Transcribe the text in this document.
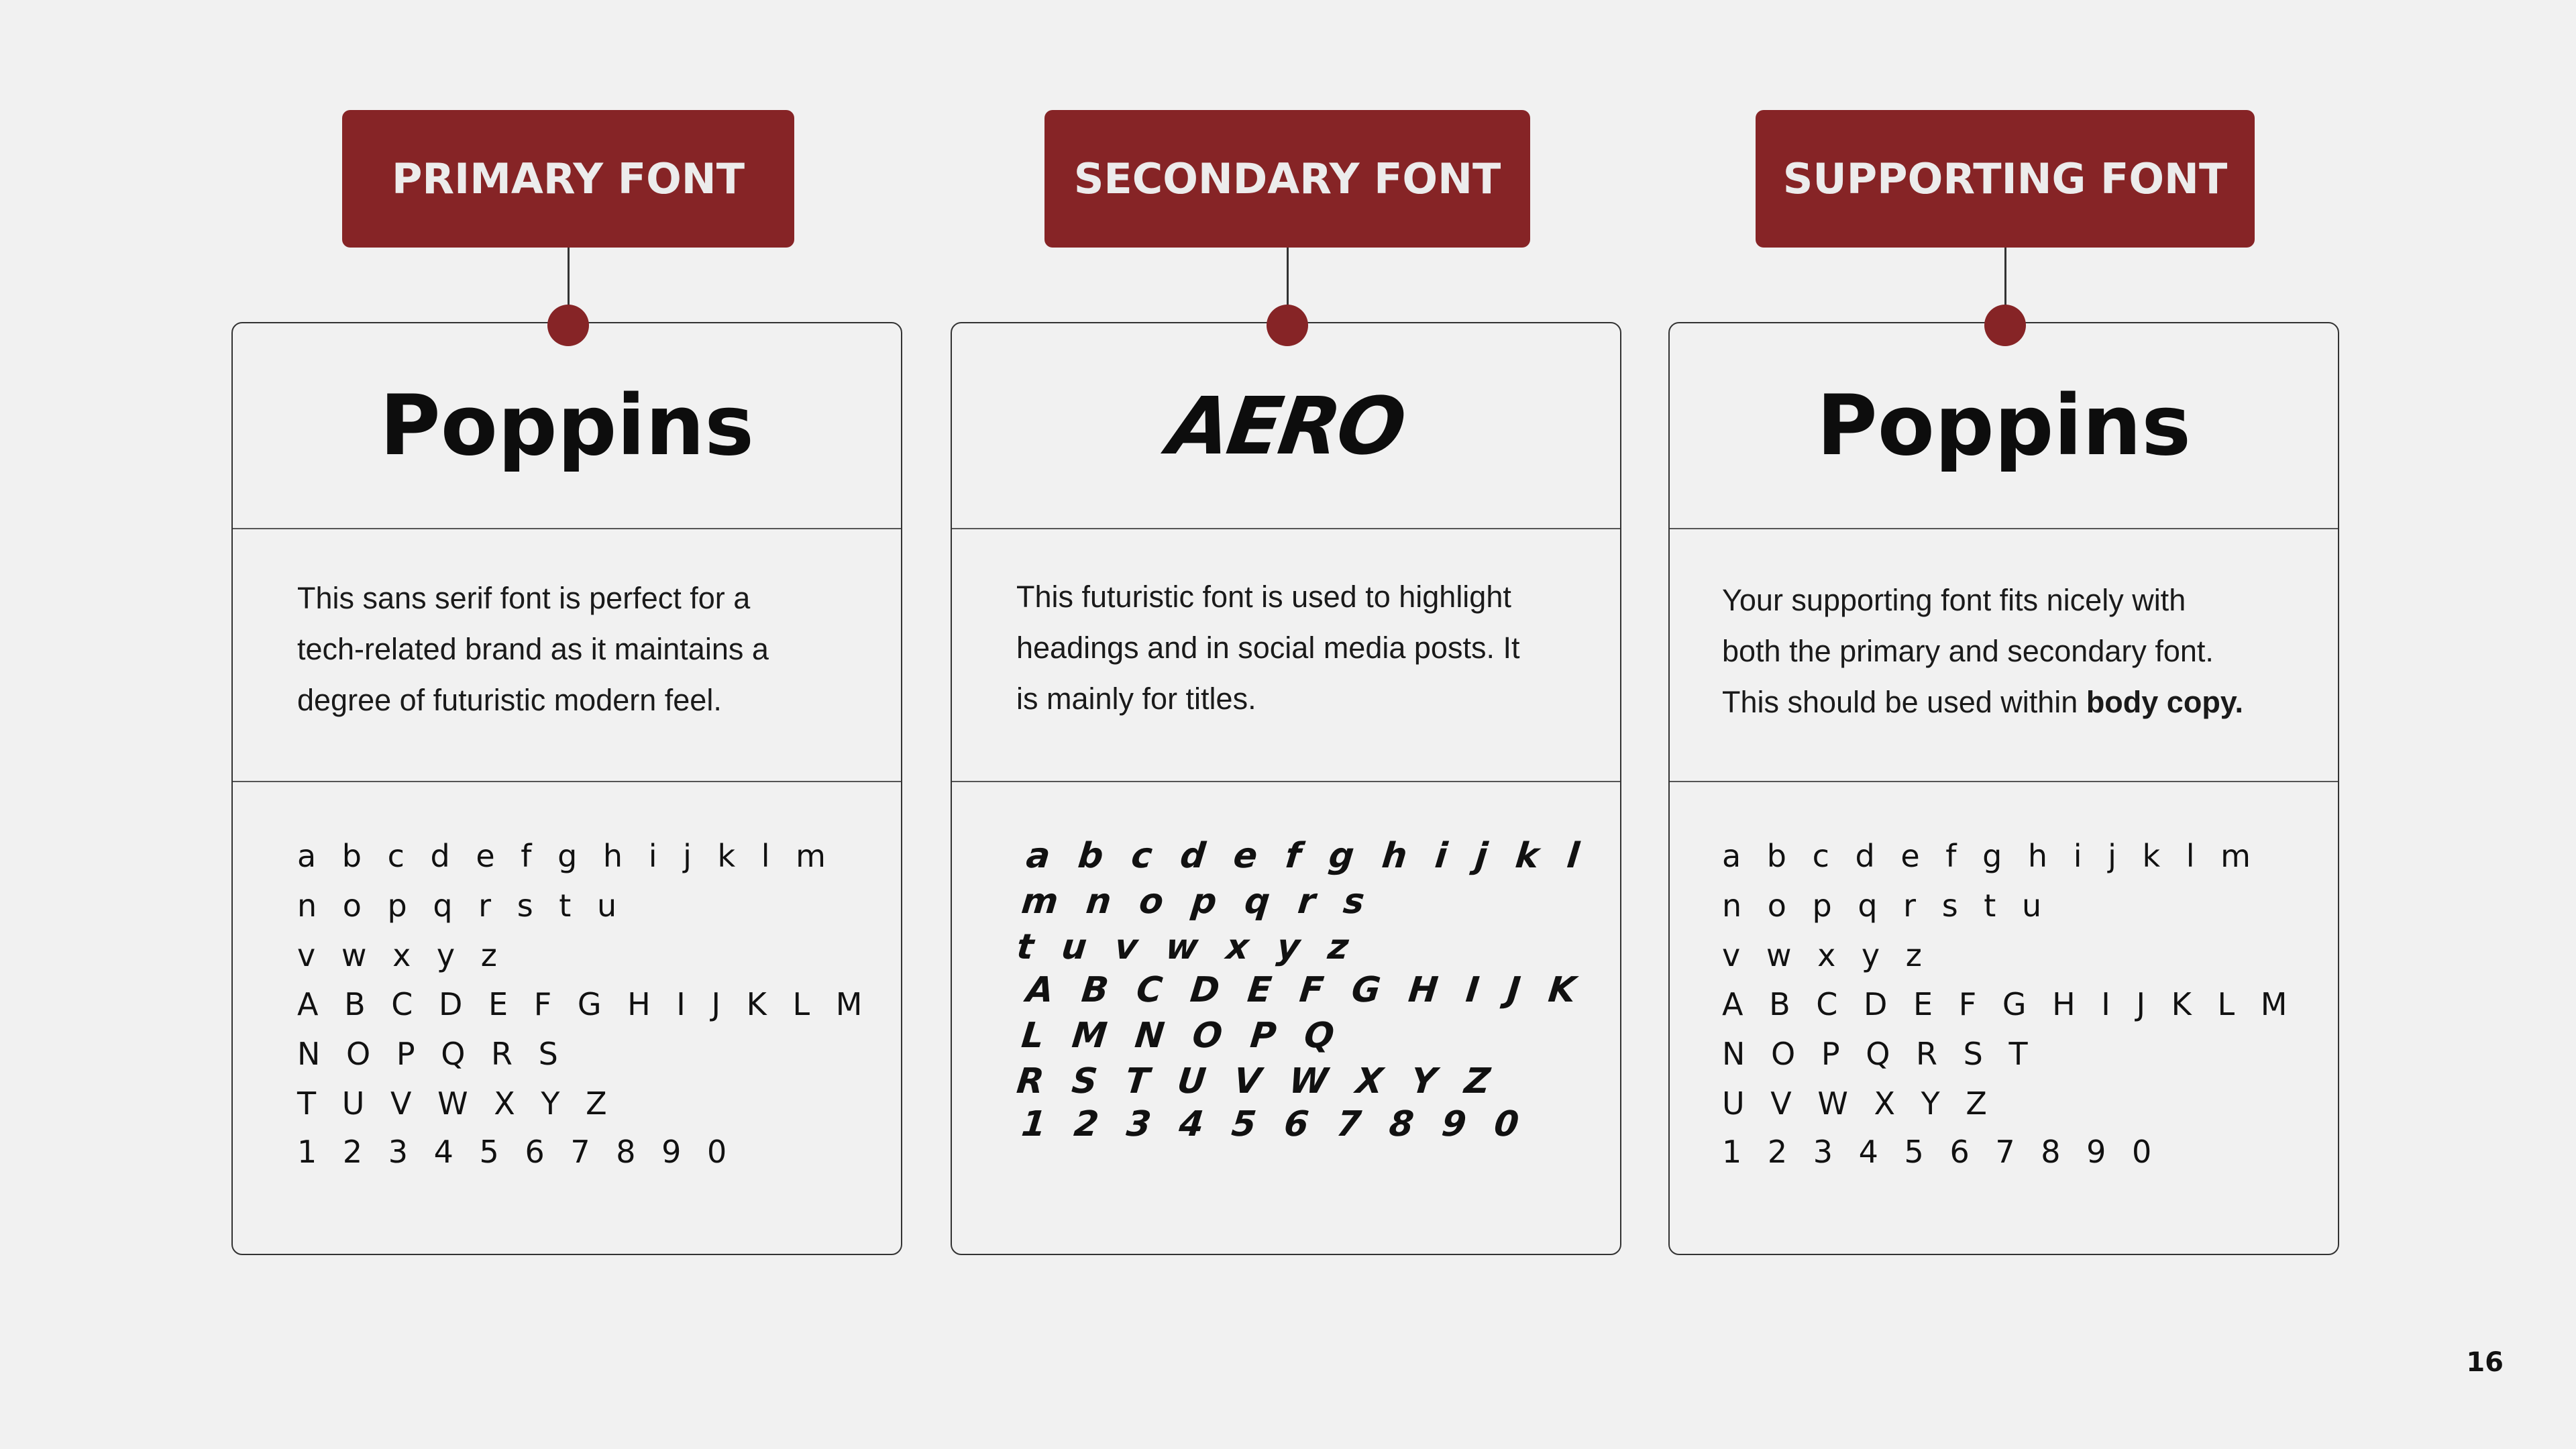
PRIMARY FONT
Poppins
This sans serif font is perfect for a
tech-related brand as it maintains a
degree of futuristic modern feel.
a b c d e f g h i j k l m n o p q r s t u
v w x y z
A B C D E F G H I J K L M N O P Q R S
T U V W X Y Z
1 2 3 4 5 6 7 8 9 0
SECONDARY FONT
AERO
This futuristic font is used to highlight
headings and in social media posts. It
is mainly for titles.
a b c d e f g h i j k l m n o p q r s
t u v w x y z
A B C D E F G H I J K L M N O P Q
R S T U V W X Y Z
1 2 3 4 5 6 7 8 9 0
SUPPORTING FONT
Poppins
Your supporting font fits nicely with
both the primary and secondary font.
This should be used within body copy.
a b c d e f g h i j k l m n o p q r s t u
v w x y z
A B C D E F G H I J K L M N O P Q R S T
U V W X Y Z
1 2 3 4 5 6 7 8 9 0
16
